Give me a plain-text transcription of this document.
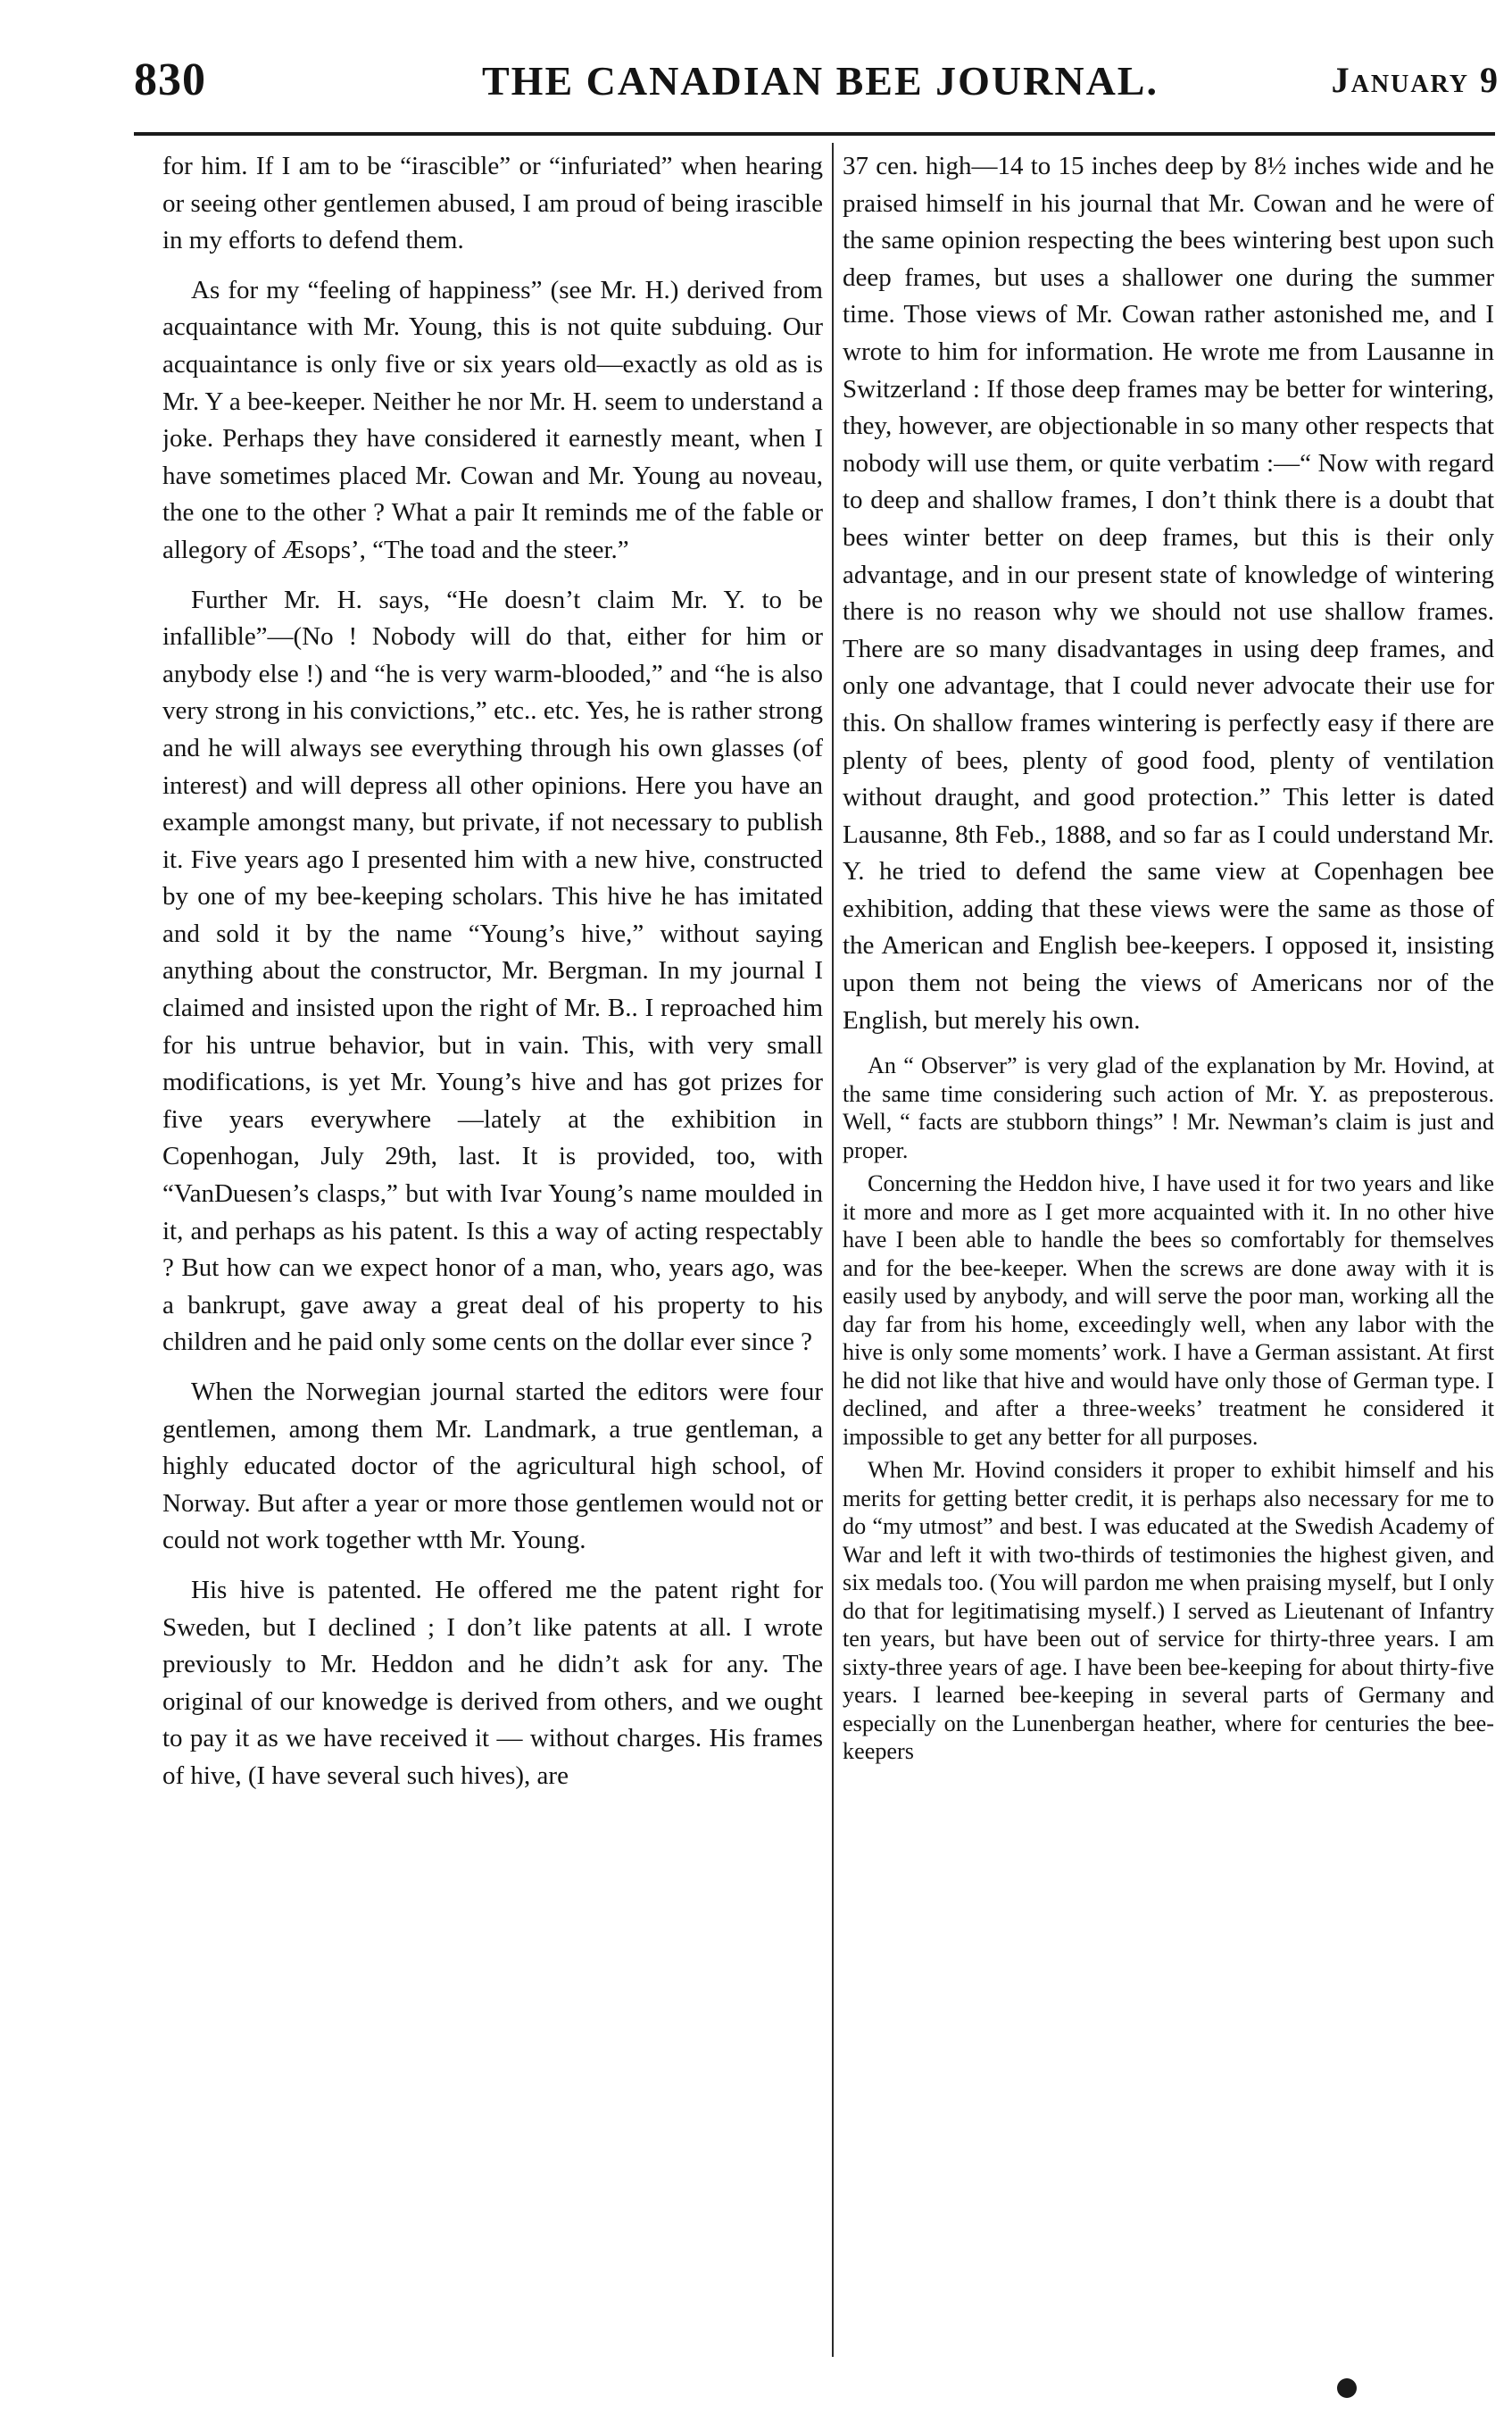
830	THE CANADIAN BEE JOURNAL.	January 9

for him. If I am to be “irascible” or “infuriated” when hearing or seeing other gentlemen abused, I am proud of being irascible in my efforts to defend them.

As for my “feeling of happiness” (see Mr. H.) derived from acquaintance with Mr. Young, this is not quite subduing. Our acquaintance is only five or six years old—exactly as old as is Mr. Y a bee-keeper. Neither he nor Mr. H. seem to understand a joke. Perhaps they have considered it earnestly meant, when I have sometimes placed Mr. Cowan and Mr. Young au noveau, the one to the other ? What a pair It reminds me of the fable or allegory of Æsops’, “The toad and the steer.”

Further Mr. H. says, “He doesn’t claim Mr. Y. to be infallible”—(No ! Nobody will do that, either for him or anybody else !) and “he is very warm-blooded,” and “he is also very strong in his convictions,” etc.. etc. Yes, he is rather strong and he will always see everything through his own glasses (of interest) and will depress all other opinions. Here you have an example amongst many, but private, if not necessary to publish it. Five years ago I presented him with a new hive, constructed by one of my bee-keeping scholars. This hive he has imitated and sold it by the name “Young’s hive,” without saying anything about the constructor, Mr. Bergman. In my journal I claimed and insisted upon the right of Mr. B.. I reproached him for his untrue behavior, but in vain. This, with very small modifications, is yet Mr. Young’s hive and has got prizes for five years everywhere —lately at the exhibition in Copenhogan, July 29th, last. It is provided, too, with “VanDuesen’s clasps,” but with Ivar Young’s name moulded in it, and perhaps as his patent. Is this a way of acting respectably ? But how can we expect honor of a man, who, years ago, was a bankrupt, gave away a great deal of his property to his children and he paid only some cents on the dollar ever since ?

When the Norwegian journal started the editors were four gentlemen, among them Mr. Landmark, a true gentleman, a highly educated doctor of the agricultural high school, of Norway. But after a year or more those gentlemen would not or could not work together wtth Mr. Young.

His hive is patented. He offered me the patent right for Sweden, but I declined ; I don’t like patents at all. I wrote previously to Mr. Heddon and he didn’t ask for any. The original of our knowedge is derived from others, and we ought to pay it as we have received it — without charges. His frames of hive, (I have several such hives), are

37 cen. high—14 to 15 inches deep by 8½ inches wide and he praised himself in his journal that Mr. Cowan and he were of the same opinion respecting the bees wintering best upon such deep frames, but uses a shallower one during the summer time. Those views of Mr. Cowan rather astonished me, and I wrote to him for information. He wrote me from Lausanne in Switzerland : If those deep frames may be better for wintering, they, however, are objectionable in so many other respects that nobody will use them, or quite verbatim :—“ Now with regard to deep and shallow frames, I don’t think there is a doubt that bees winter better on deep frames, but this is their only advantage, and in our present state of knowledge of wintering there is no reason why we should not use shallow frames. There are so many disadvantages in using deep frames, and only one advantage, that I could never advocate their use for this. On shallow frames wintering is perfectly easy if there are plenty of bees, plenty of good food, plenty of ventilation without draught, and good protection.” This letter is dated Lausanne, 8th Feb., 1888, and so far as I could understand Mr. Y. he tried to defend the same view at Copenhagen bee exhibition, adding that these views were the same as those of the American and English bee-keepers. I opposed it, insisting upon them not being the views of Americans nor of the English, but merely his own.

An “ Observer” is very glad of the explanation by Mr. Hovind, at the same time considering such action of Mr. Y. as preposterous. Well, “ facts are stubborn things” ! Mr. Newman’s claim is just and proper.

Concerning the Heddon hive, I have used it for two years and like it more and more as I get more acquainted with it. In no other hive have I been able to handle the bees so comfortably for themselves and for the bee-keeper. When the screws are done away with it is easily used by anybody, and will serve the poor man, working all the day far from his home, exceedingly well, when any labor with the hive is only some moments’ work. I have a German assistant. At first he did not like that hive and would have only those of German type. I declined, and after a three-weeks’ treatment he considered it impossible to get any better for all purposes.

When Mr. Hovind considers it proper to exhibit himself and his merits for getting better credit, it is perhaps also necessary for me to do “my utmost” and best. I was educated at the Swedish Academy of War and left it with two-thirds of testimonies the highest given, and six medals too. (You will pardon me when praising myself, but I only do that for legitimatising myself.) I served as Lieutenant of Infantry ten years, but have been out of service for thirty-three years. I am sixty-three years of age. I have been bee-keeping for about thirty-five years. I learned bee-keeping in several parts of Germany and especially on the Lunenbergan heather, where for centuries the bee-keepers
